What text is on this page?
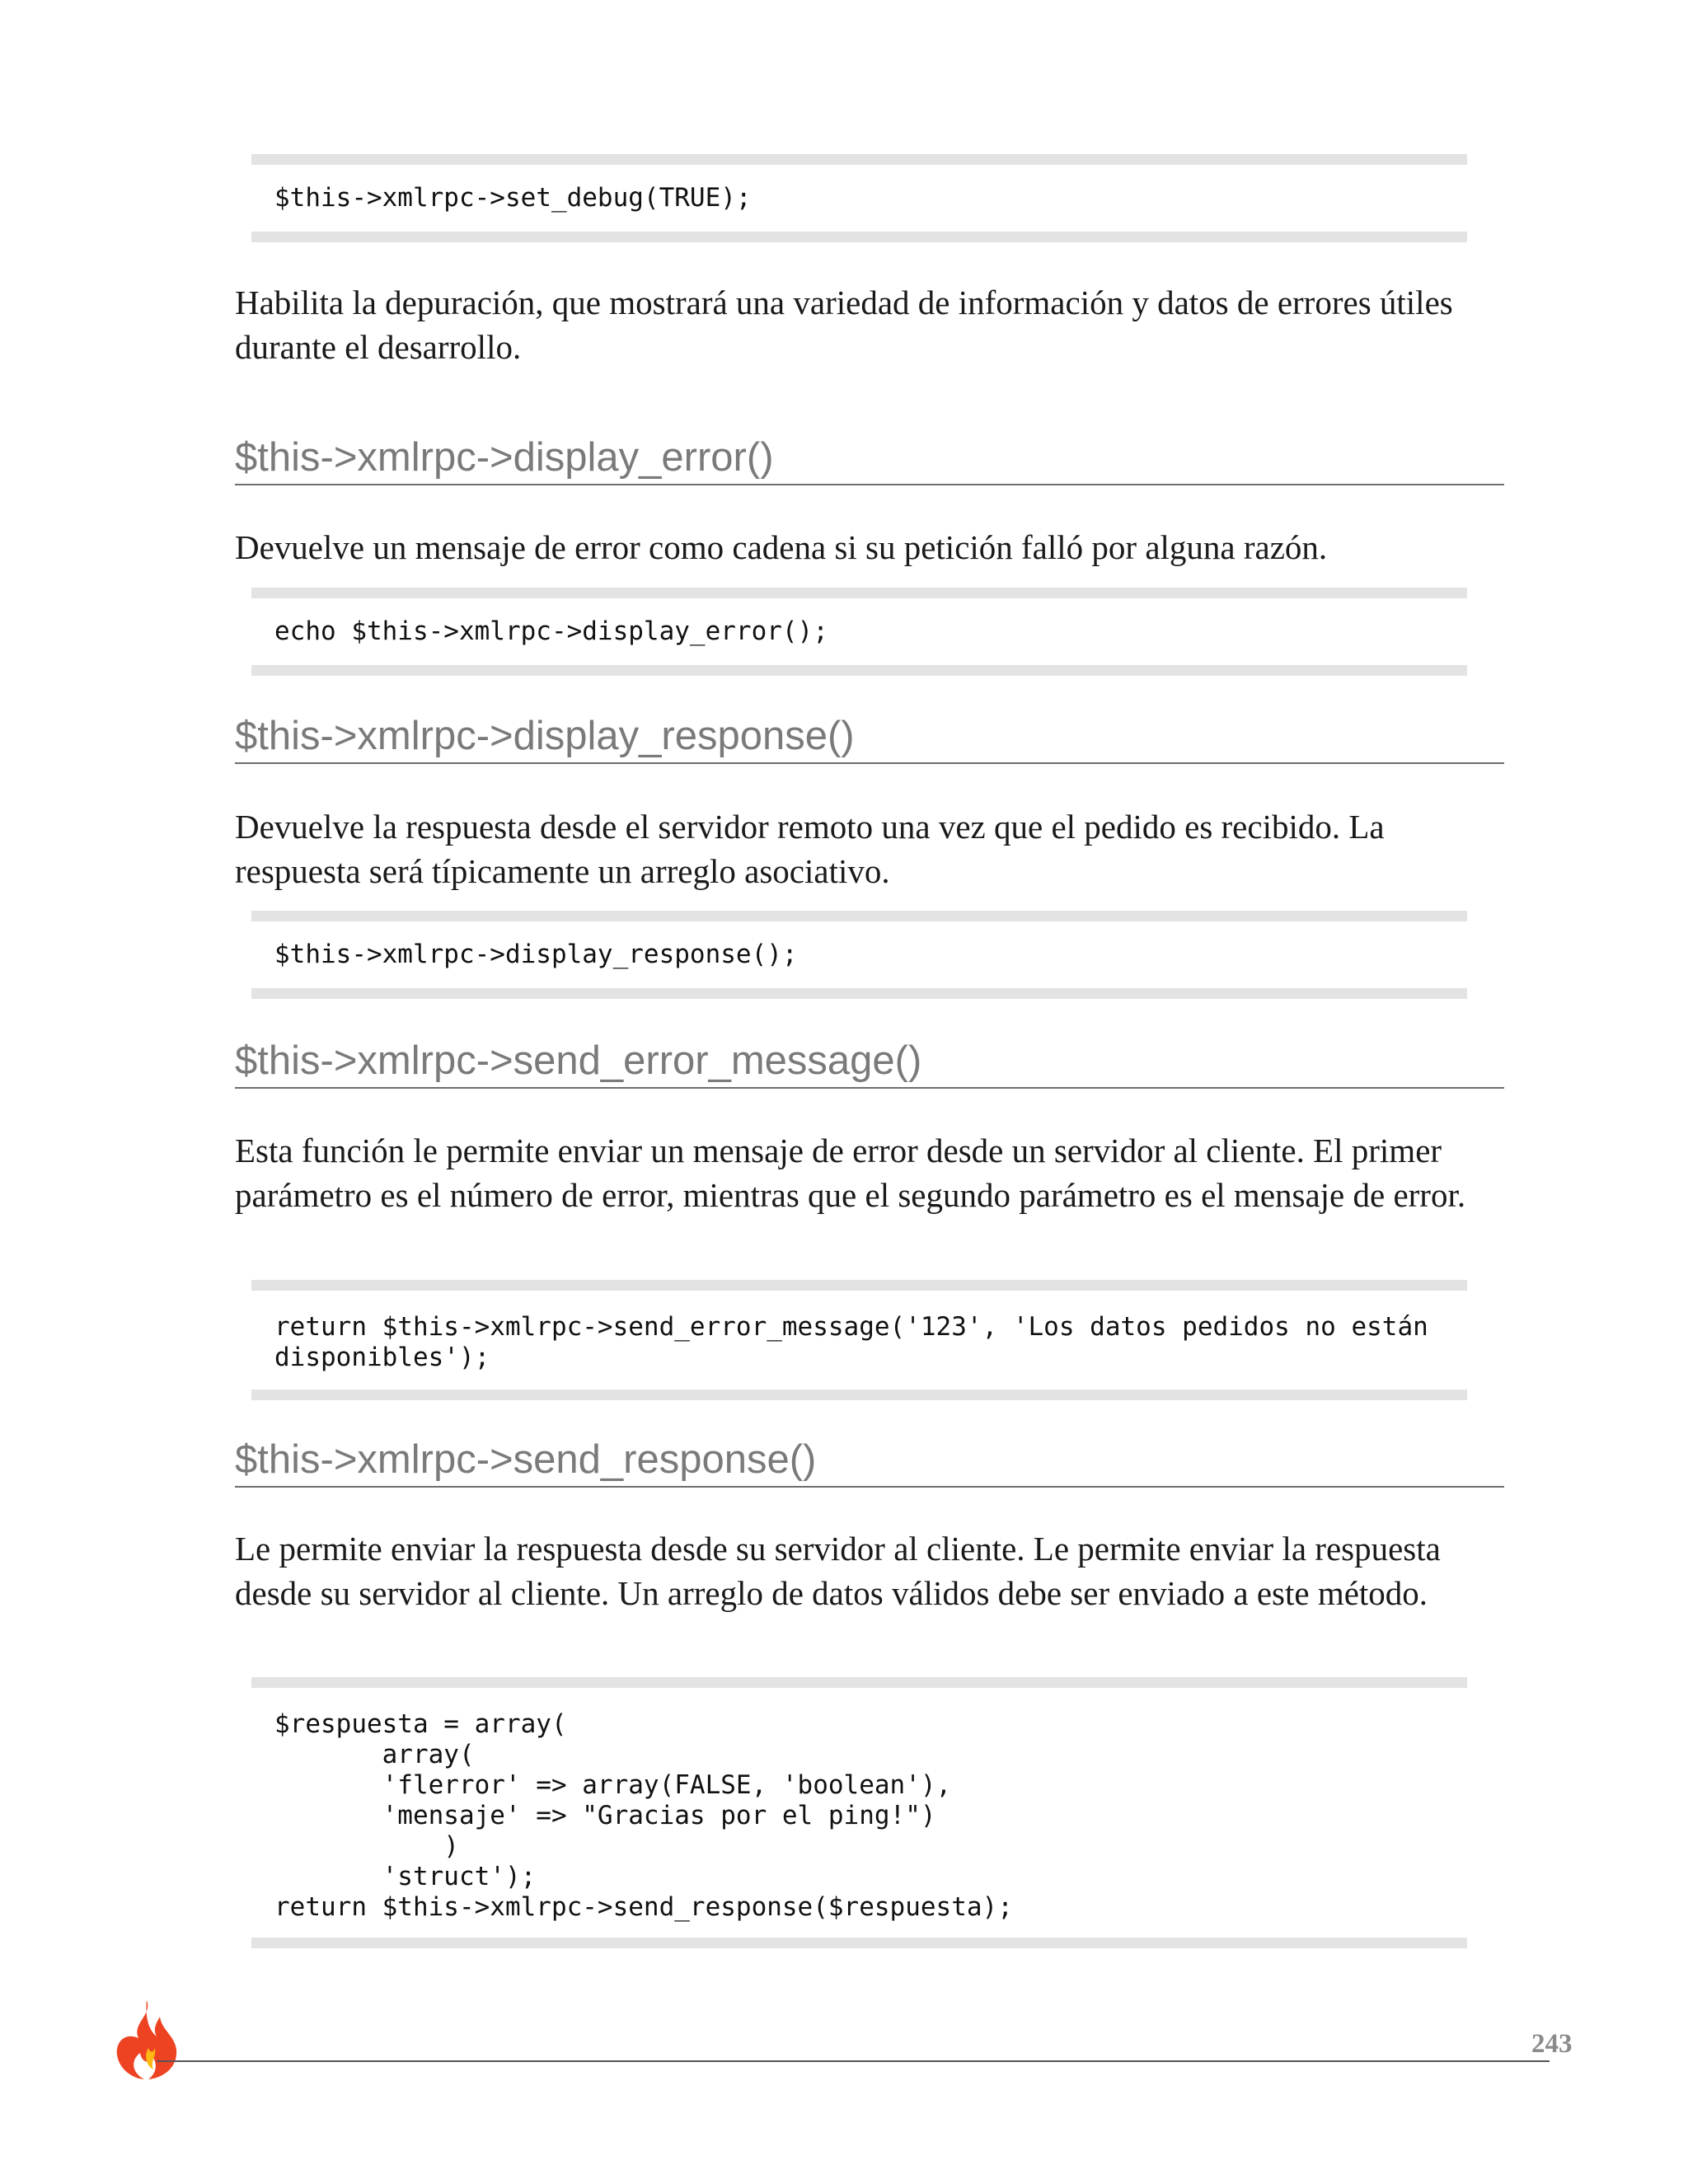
$this->xmlrpc->set_debug(TRUE);

Habilita la depuración, que mostrará una variedad de información y datos de errores útiles durante el desarrollo.

$this->xmlrpc->display_error()

Devuelve un mensaje de error como cadena si su petición falló por alguna razón.

echo $this->xmlrpc->display_error();
$this->xmlrpc->display_response()

Devuelve la respuesta desde el servidor remoto una vez que el pedido es recibido. La respuesta será típicamente un arreglo asociativo.

$this->xmlrpc->display_response();
$this->xmlrpc->send_error_message()

Esta función le permite enviar un mensaje de error desde un servidor al cliente. El primer parámetro es el número de error, mientras que el segundo parámetro es el mensaje de error.

return $this->xmlrpc->send_error_message('123', 'Los datos pedidos no están
disponibles');
$this->xmlrpc->send_response()

Le permite enviar la respuesta desde su servidor al cliente. Le permite enviar la respuesta desde su servidor al cliente. Un arreglo de datos válidos debe ser enviado a este método.

$respuesta = array(
array(
'flerror' => array(FALSE, 'boolean'),
'mensaje' => "Gracias por el ping!")
)
'struct');
return $this->xmlrpc->send_response($respuesta);
243
